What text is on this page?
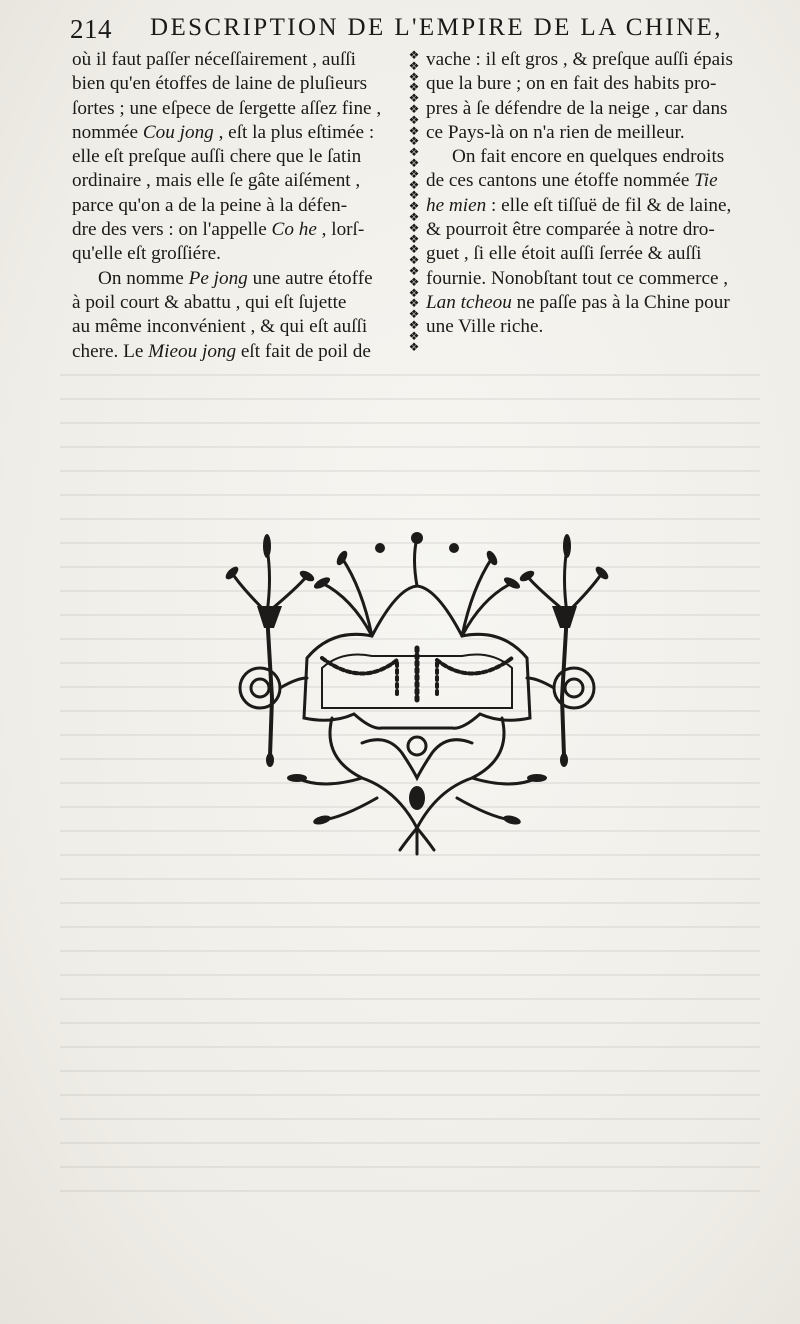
214 DESCRIPTION DE L'EMPIRE DE LA CHINE,
où il faut paſſer néceſſairement , auſſi
bien qu'en étoffes de laine de pluſieurs
ſortes ; une eſpece de ſergette aſſez fine ,
nommée Cou jong , eſt la plus eſtimée :
elle eſt preſque auſſi chere que le ſatin
ordinaire , mais elle ſe gâte aiſément ,
parce qu'on a de la peine à la défen-
dre des vers : on l'appelle Co he , lorſ-
qu'elle eſt groſſiére.
On nomme Pe jong une autre étoffe
à poil court & abattu , qui eſt ſujette
au même inconvénient , & qui eſt auſſi
chere. Le Mieou jong eſt fait de poil de
❖
❖
❖
❖
❖
❖
❖
❖
❖
❖
❖
❖
❖
❖
❖
❖
❖
❖
❖
❖
❖
❖
❖
❖
❖
❖
❖
❖
vache : il eſt gros , & preſque auſſi épais
que la bure ; on en fait des habits pro-
pres à ſe défendre de la neige , car dans
ce Pays-là on n'a rien de meilleur.
On fait encore en quelques endroits
de ces cantons une étoffe nommée Tie
he mien : elle eſt tiſſuë de fil & de laine,
& pourroit être comparée à notre dro-
guet , ſi elle étoit auſſi ſerrée & auſſi
fournie. Nonobſtant tout ce commerce ,
Lan tcheou ne paſſe pas à la Chine pour
une Ville riche.
